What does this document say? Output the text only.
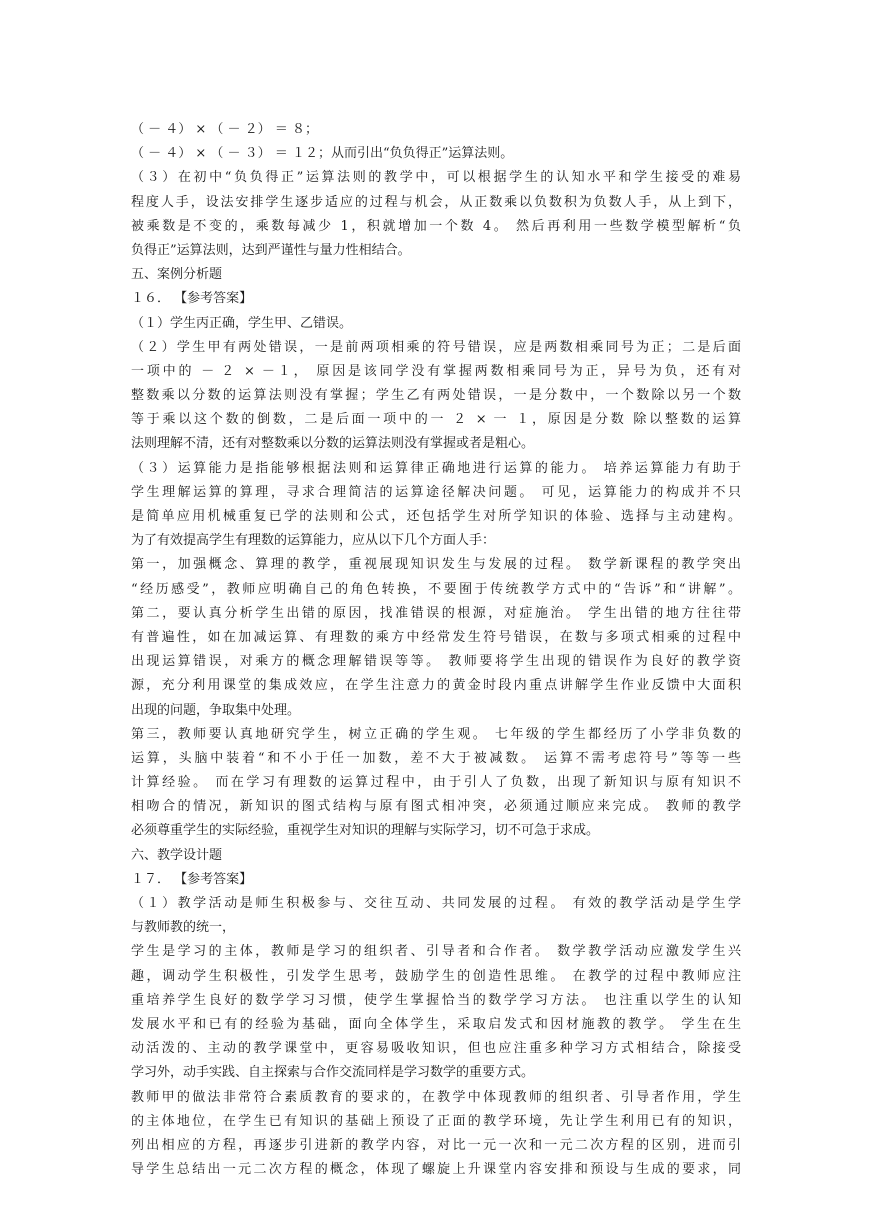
（ － ４） × （ － ２） ＝ ８；
（ － ４） × （ － ３） ＝ １２；从而引出“负负得正”运算法则。
（３）在初中“负负得正”运算法则的教学中，可以根据学生的认知水平和学生接受的难易
程度人手，设法安排学生逐步适应的过程与机会，从正数乘以负数积为负数人手，从上到下，
被乘数是不变的，乘数每减少 1，积就增加一个数 4。 然后再利用一些数学模型解析“负
负得正”运算法则，达到严谨性与量力性相结合。
五、案例分析题
１６． 【参考答案】
（１）学生丙正确，学生甲、乙错误。
（２）学生甲有两处错误，一是前两项相乘的符号错误，应是两数相乘同号为正；二是后面
一项中的 － ２ × －１， 原因是该同学没有掌握两数相乘同号为正，异号为负，还有对
整数乘以分数的运算法则没有掌握；学生乙有两处错误，一是分数中，一个数除以另一个数
等于乘以这个数的倒数，二是后面一项中的一 ２ × 一 １，原因是分数 除以整数的运算
法则理解不清，还有对整数乘以分数的运算法则没有掌握或者是粗心。
（３）运算能力是指能够根据法则和运算律正确地进行运算的能力。 培养运算能力有助于
学生理解运算的算理，寻求合理简洁的运算途径解决问题。 可见，运算能力的构成并不只
是简单应用机械重复已学的法则和公式，还包括学生对所学知识的体验、选择与主动建构。
为了有效提高学生有理数的运算能力，应从以下几个方面人手：
第一，加强概念、算理的教学，重视展现知识发生与发展的过程。 数学新课程的教学突出
“经历感受”，教师应明确自己的角色转换，不要囿于传统教学方式中的“告诉”和“讲解”。
第二，要认真分析学生出错的原因，找准错误的根源，对症施治。 学生出错的地方往往带
有普遍性，如在加减运算、有理数的乘方中经常发生符号错误，在数与多项式相乘的过程中
出现运算错误，对乘方的概念理解错误等等。 教师要将学生出现的错误作为良好的教学资
源，充分利用课堂的集成效应，在学生注意力的黄金时段内重点讲解学生作业反馈中大面积
出现的问题，争取集中处理。
第三，教师要认真地研究学生，树立正确的学生观。 七年级的学生都经历了小学非负数的
运算，头脑中装着“和不小于任一加数，差不大于被减数。 运算不需考虑符号”等等一些
计算经验。 而在学习有理数的运算过程中，由于引人了负数，出现了新知识与原有知识不
相吻合的情况，新知识的图式结构与原有图式相冲突，必须通过顺应来完成。 教师的教学
必须尊重学生的实际经验，重视学生对知识的理解与实际学习，切不可急于求成。
六、教学设计题
１７． 【参考答案】
（１）教学活动是师生积极参与、交往互动、共同发展的过程。 有效的教学活动是学生学
与教师教的统一，
学生是学习的主体，教师是学习的组织者、引导者和合作者。 数学教学活动应激发学生兴
趣，调动学生积极性，引发学生思考，鼓励学生的创造性思维。 在教学的过程中教师应注
重培养学生良好的数学学习习惯，使学生掌握恰当的数学学习方法。 也注重以学生的认知
发展水平和已有的经验为基础，面向全体学生，采取启发式和因材施教的教学。 学生在生
动活泼的、主动的教学课堂中，更容易吸收知识，但也应注重多种学习方式相结合，除接受
学习外，动手实践、自主探索与合作交流同样是学习数学的重要方式。
教师甲的做法非常符合素质教育的要求的，在教学中体现教师的组织者、引导者作用，学生
的主体地位，在学生已有知识的基础上预设了正面的教学环境，先让学生利用已有的知识，
列出相应的方程，再逐步引进新的教学内容，对比一元一次和一元二次方程的区别，进而引
导学生总结出一元二次方程的概念，体现了螺旋上升课堂内容安排和预设与生成的要求，同
